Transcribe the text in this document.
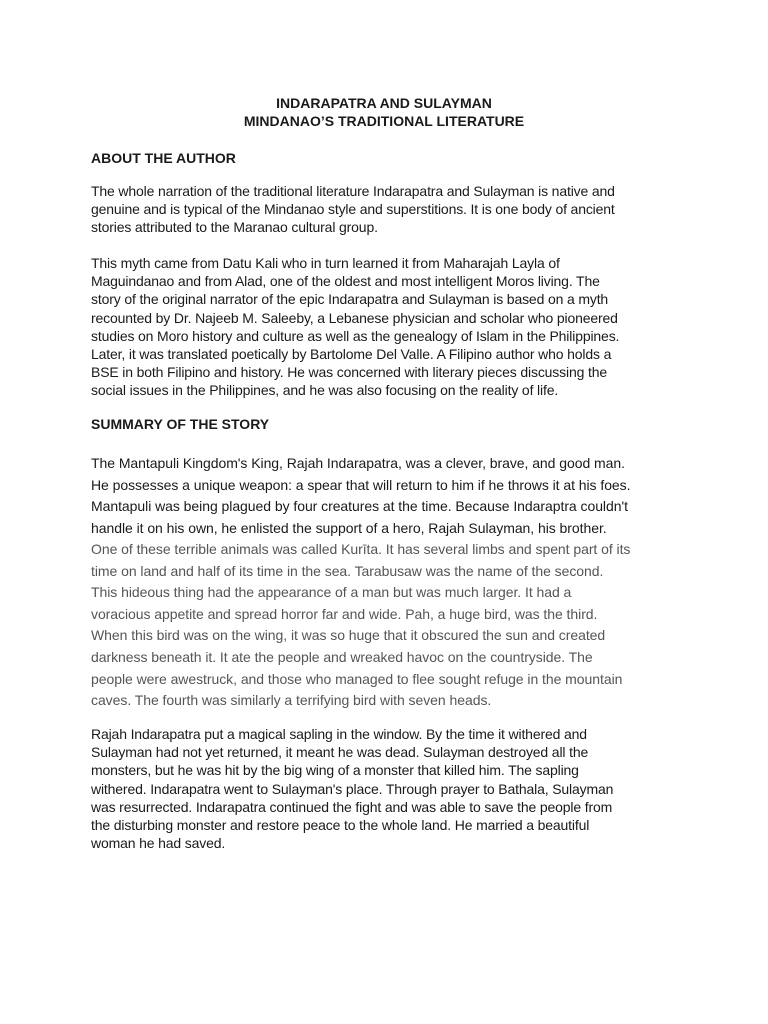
INDARAPATRA AND SULAYMAN
MINDANAO’S TRADITIONAL LITERATURE
ABOUT THE AUTHOR

The whole narration of the traditional literature Indarapatra and Sulayman is native and
genuine and is typical of the Mindanao style and superstitions. It is one body of ancient
stories attributed to the Maranao cultural group.

This myth came from Datu Kali who in turn learned it from Maharajah Layla of
Maguindanao and from Alad, one of the oldest and most intelligent Moros living. The
story of the original narrator of the epic Indarapatra and Sulayman is based on a myth
recounted by Dr. Najeeb M. Saleeby, a Lebanese physician and scholar who pioneered
studies on Moro history and culture as well as the genealogy of Islam in the Philippines.
Later, it was translated poetically by Bartolome Del Valle. A Filipino author who holds a
BSE in both Filipino and history. He was concerned with literary pieces discussing the
social issues in the Philippines, and he was also focusing on the reality of life.

SUMMARY OF THE STORY

The Mantapuli Kingdom's King, Rajah Indarapatra, was a clever, brave, and good man.
He possesses a unique weapon: a spear that will return to him if he throws it at his foes.
Mantapuli was being plagued by four creatures at the time. Because Indaraptra couldn't
handle it on his own, he enlisted the support of a hero, Rajah Sulayman, his brother.

One of these terrible animals was called Kurīta. It has several limbs and spent part of its
time on land and half of its time in the sea. Tarabusaw was the name of the second.
This hideous thing had the appearance of a man but was much larger. It had a
voracious appetite and spread horror far and wide. Pah, a huge bird, was the third.
When this bird was on the wing, it was so huge that it obscured the sun and created
darkness beneath it. It ate the people and wreaked havoc on the countryside. The
people were awestruck, and those who managed to flee sought refuge in the mountain
caves. The fourth was similarly a terrifying bird with seven heads.

Rajah Indarapatra put a magical sapling in the window. By the time it withered and
Sulayman had not yet returned, it meant he was dead. Sulayman destroyed all the
monsters, but he was hit by the big wing of a monster that killed him. The sapling
withered. Indarapatra went to Sulayman's place. Through prayer to Bathala, Sulayman
was resurrected. Indarapatra continued the fight and was able to save the people from
the disturbing monster and restore peace to the whole land. He married a beautiful
woman he had saved.
